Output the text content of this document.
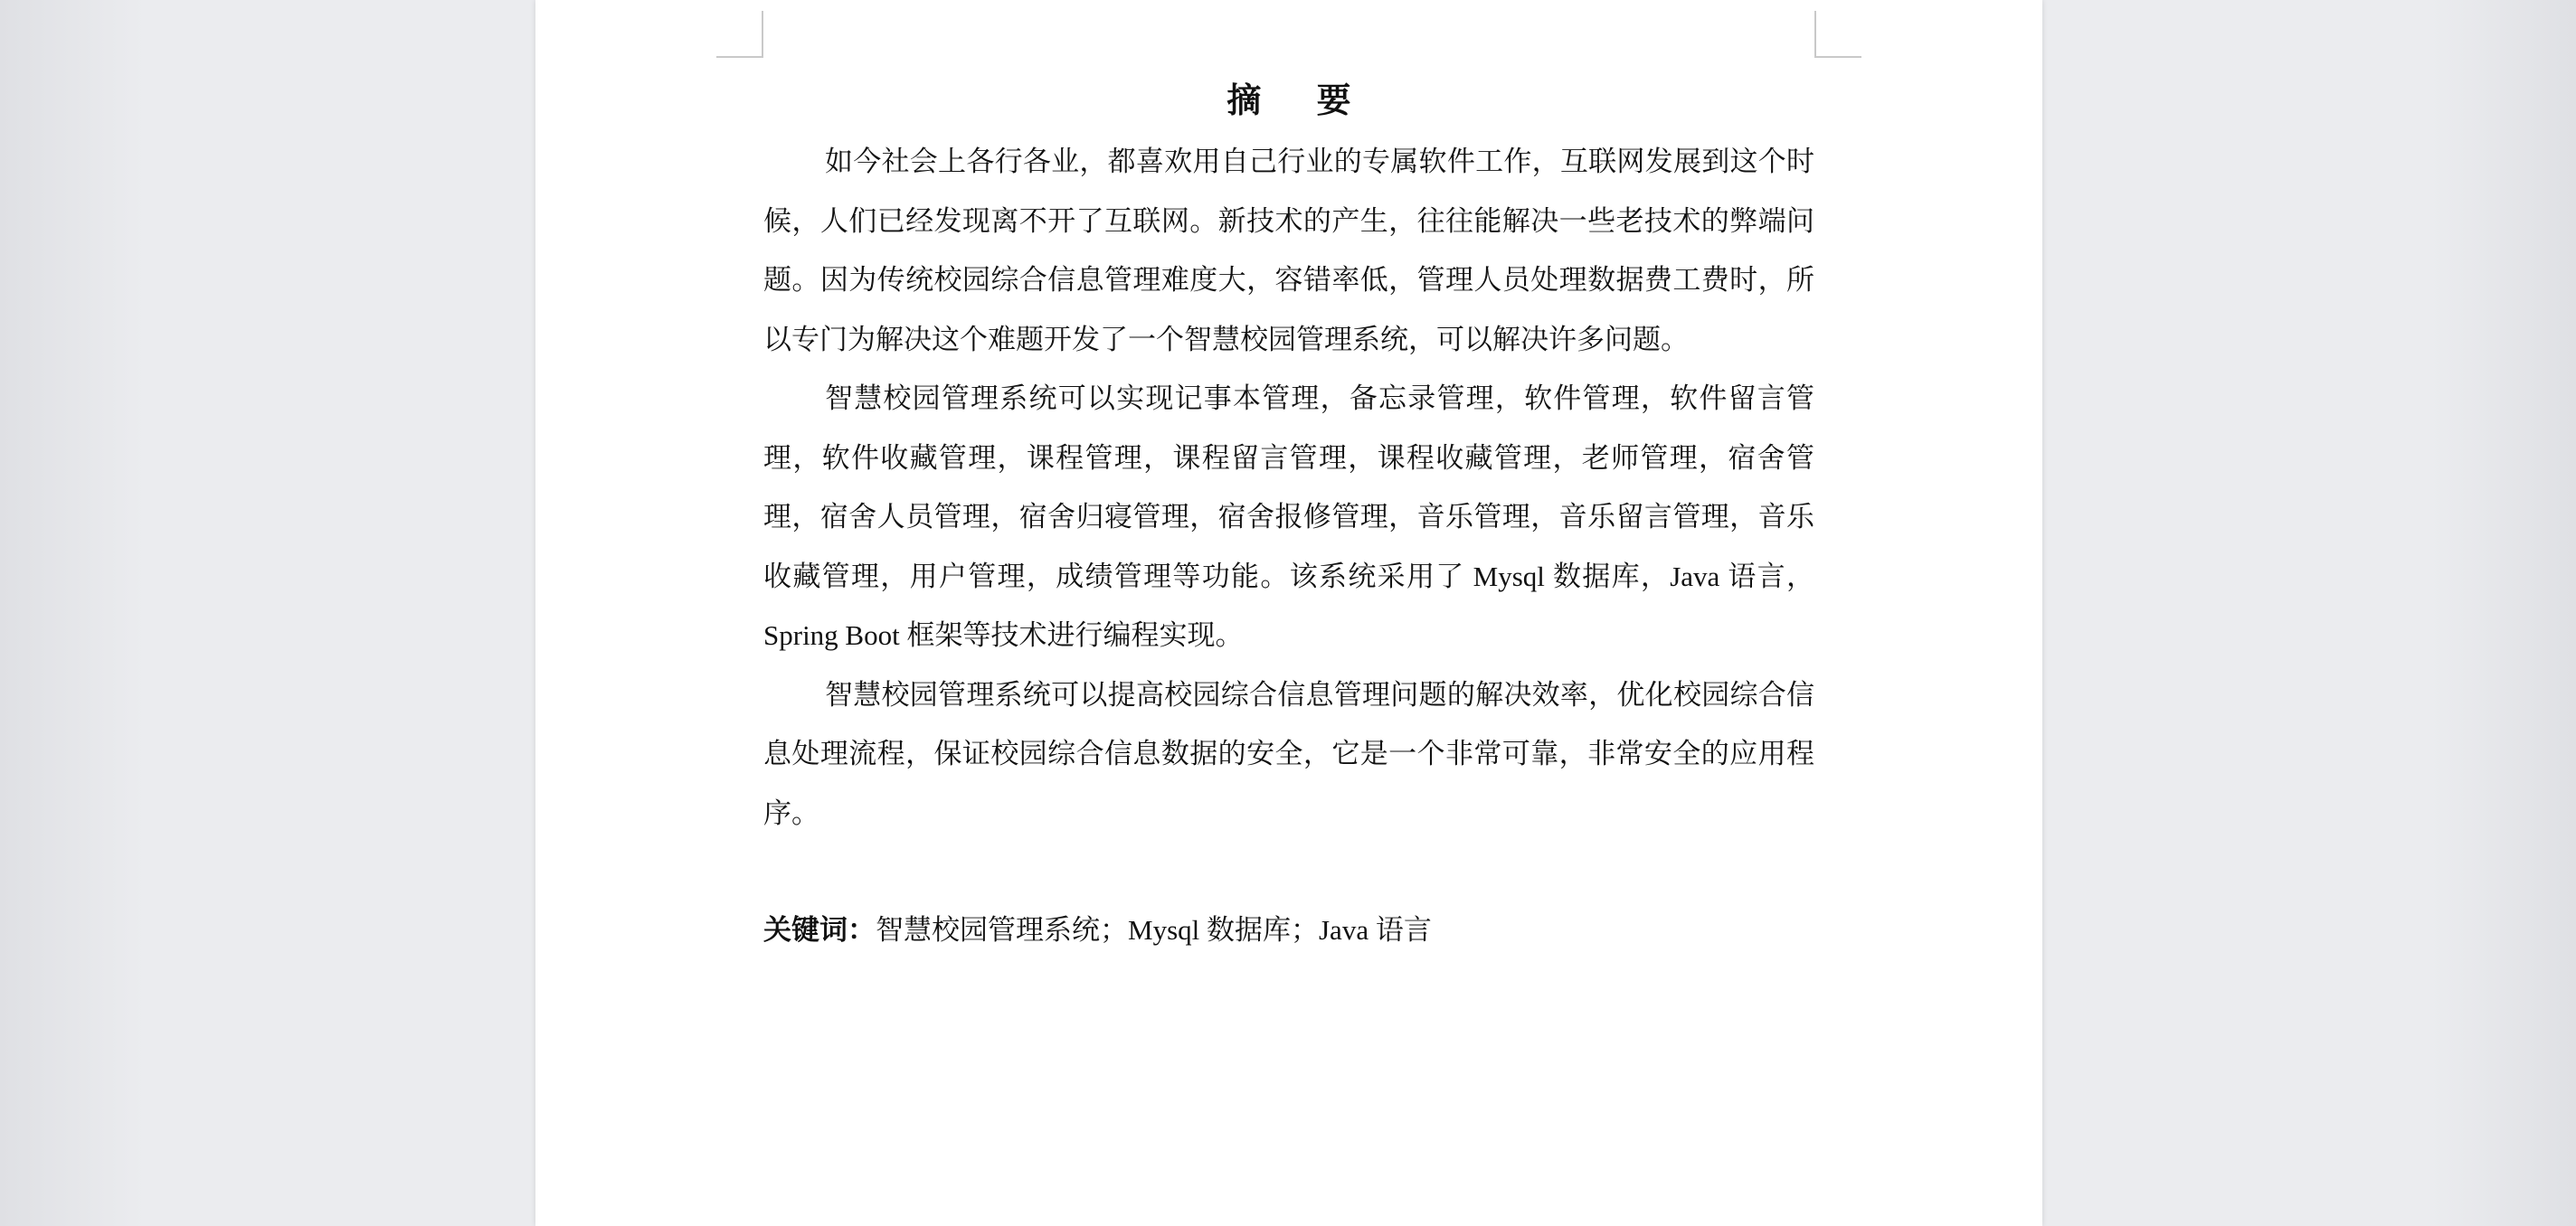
摘 要

如今社会上各行各业，都喜欢用自己行业的专属软件工作，互联网发展到这个时候，人们已经发现离不开了互联网。新技术的产生，往往能解决一些老技术的弊端问题。因为传统校园综合信息管理难度大，容错率低，管理人员处理数据费工费时，所以专门为解决这个难题开发了一个智慧校园管理系统，可以解决许多问题。

智慧校园管理系统可以实现记事本管理，备忘录管理，软件管理，软件留言管理，软件收藏管理，课程管理，课程留言管理，课程收藏管理，老师管理，宿舍管理，宿舍人员管理，宿舍归寝管理，宿舍报修管理，音乐管理，音乐留言管理，音乐收藏管理，用户管理，成绩管理等功能。该系统采用了 Mysql 数据库，Java 语言，Spring Boot 框架等技术进行编程实现。

智慧校园管理系统可以提高校园综合信息管理问题的解决效率，优化校园综合信息处理流程，保证校园综合信息数据的安全，它是一个非常可靠，非常安全的应用程序。

关键词：智慧校园管理系统；Mysql 数据库；Java 语言
